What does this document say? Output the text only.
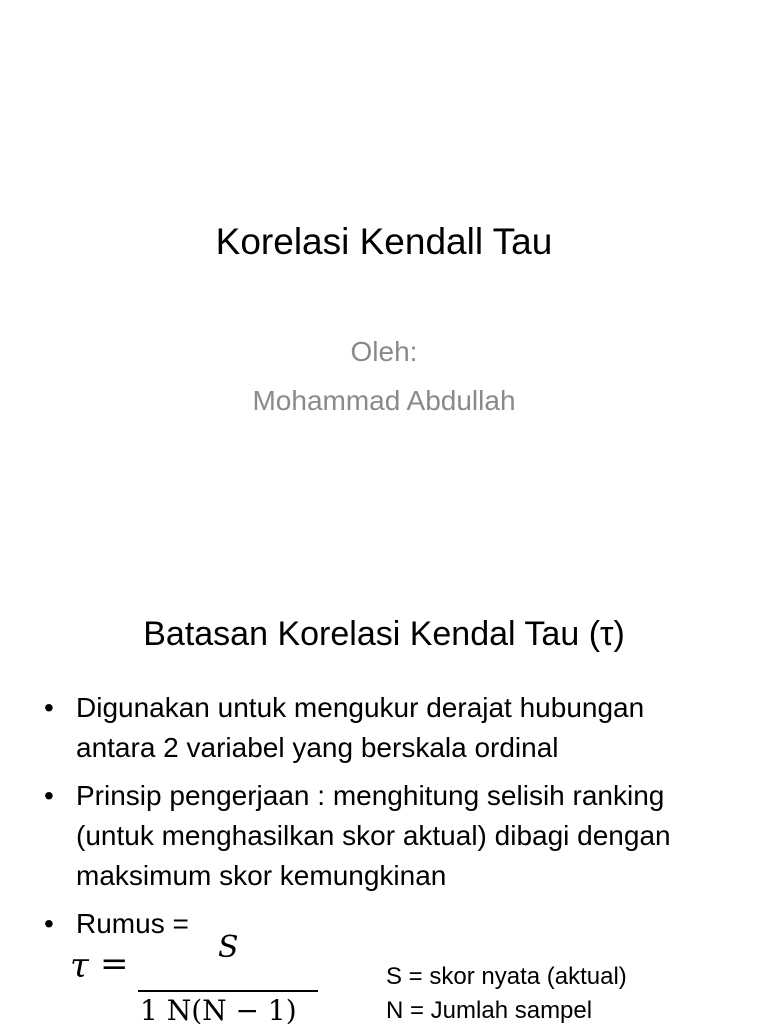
Korelasi Kendall Tau
Oleh:
Mohammad Abdullah
Batasan Korelasi Kendal Tau (τ)
• Digunakan untuk mengukur derajat hubungan antara 2 variabel yang berskala ordinal
• Prinsip pengerjaan : menghitung selisih ranking (untuk menghasilkan skor aktual) dibagi dengan maksimum skor kemungkinan
• Rumus =
τ =	S
1 N(N − 1)
S = skor nyata (aktual)
N = Jumlah sampel
